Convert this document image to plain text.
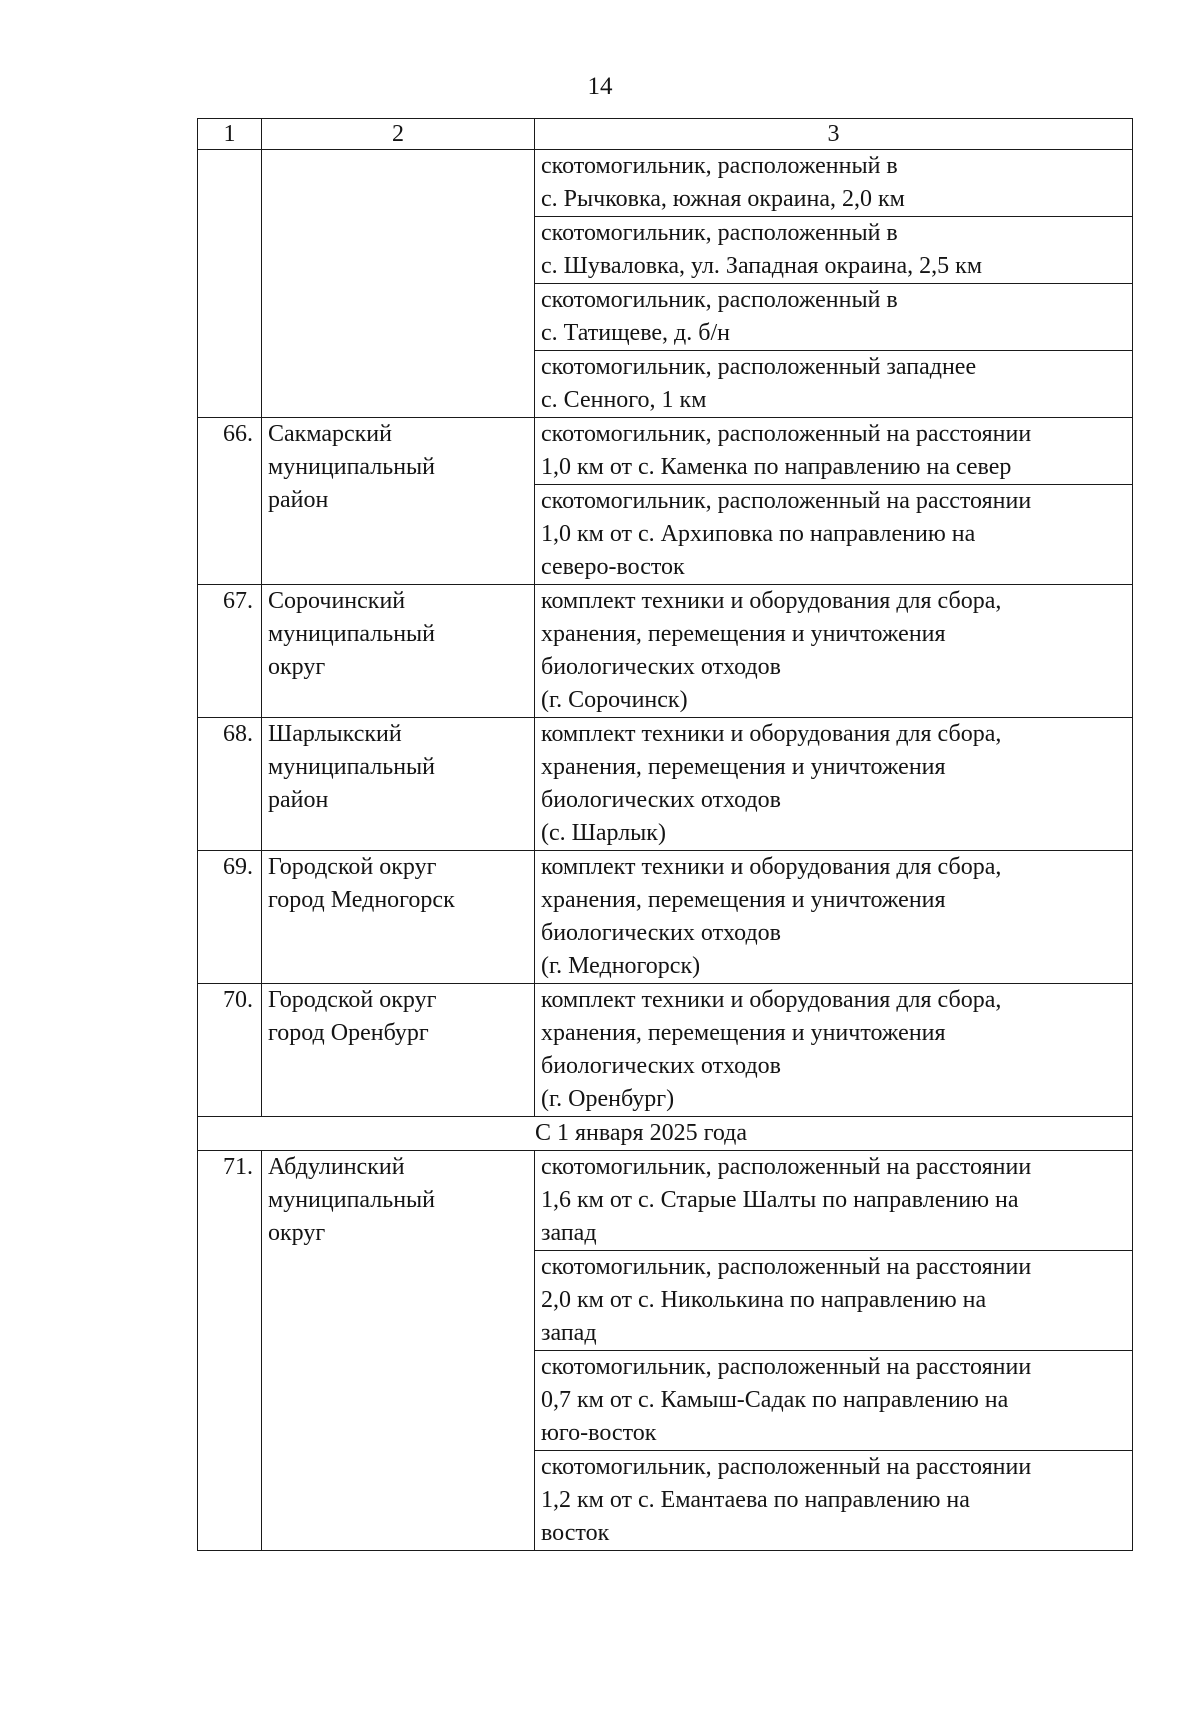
14
1	2	3
		скотомогильник, расположенный в
с. Рычковка, южная окраина, 2,0 км
		скотомогильник, расположенный в
с. Шуваловка, ул. Западная окраина, 2,5 км
		скотомогильник, расположенный в
с. Татищеве, д. б/н
		скотомогильник, расположенный западнее
с. Сенного, 1 км
66.	Сакмарский
муниципальный
район	скотомогильник, расположенный на расстоянии
1,0 км от с. Каменка по направлению на север
		скотомогильник, расположенный на расстоянии
1,0 км от с. Архиповка по направлению на
северо-восток
67.	Сорочинский
муниципальный
округ	комплект техники и оборудования для сбора,
хранения, перемещения и уничтожения
биологических отходов
(г. Сорочинск)
68.	Шарлыкский
муниципальный
район	комплект техники и оборудования для сбора,
хранения, перемещения и уничтожения
биологических отходов
(с. Шарлык)
69.	Городской округ
город Медногорск	комплект техники и оборудования для сбора,
хранения, перемещения и уничтожения
биологических отходов
(г. Медногорск)
70.	Городской округ
город Оренбург	комплект техники и оборудования для сбора,
хранения, перемещения и уничтожения
биологических отходов
(г. Оренбург)
С 1 января 2025 года		
71.	Абдулинский
муниципальный
округ	скотомогильник, расположенный на расстоянии
1,6 км от с. Старые Шалты по направлению на
запад
		скотомогильник, расположенный на расстоянии
2,0 км от с. Николькина по направлению на
запад
		скотомогильник, расположенный на расстоянии
0,7 км от с. Камыш-Садак по направлению на
юго-восток
		скотомогильник, расположенный на расстоянии
1,2 км от с. Емантаева по направлению на
восток
